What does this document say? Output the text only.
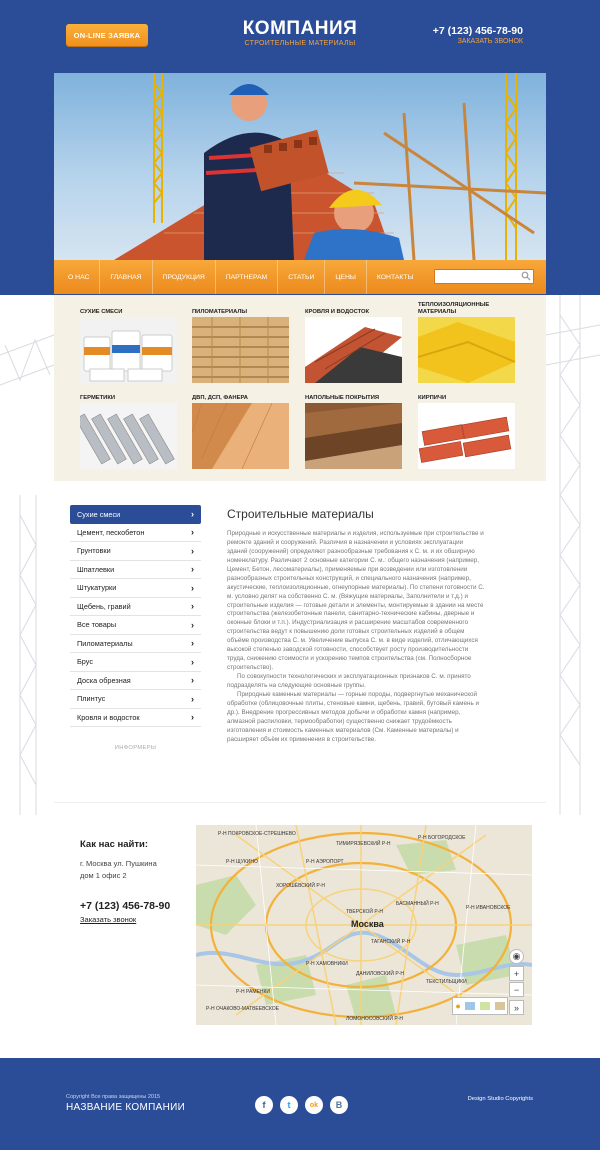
ON-LINE ЗАЯВКА	КОМПАНИЯ
СТРОИТЕЛЬНЫЕ МАТЕРИАЛЫ
+7 (123) 456-78-90
ЗАКАЗАТЬ ЗВОНОК
О НАС	ГЛАВНАЯ	ПРОДУКЦИЯ	ПАРТНЕРАМ	СТАТЬИ	ЦЕНЫ	КОНТАКТЫ
СУХИЕ СМЕСИ	ПИЛОМАТЕРИАЛЫ	КРОВЛЯ И ВОДОСТОК
ТЕПЛОИЗОЛЯЦИОННЫЕ МАТЕРИАЛЫ
ГЕРМЕТИКИ	ДВП, ДСП, ФАНЕРА	НАПОЛЬНЫЕ ПОКРЫТИЯ	КИРПИЧИ
Сухие смеси	›
Цемент, пескобетон	›
Грунтовки	›
Шпатлевки	›
Штукатурки	›
Щебень, гравий	›
Все товары	›
Пиломатериалы	›
Брус	›
Доска обрезная	›
Плинтус	›
Кровля и водосток	›
ИНФОРМЕРЫ
Строительные материалы

Природные и искусственные материалы и изделия, используемые при строительстве и ремонте зданий и сооружений. Различия в назначении и условиях эксплуатации зданий (сооружений) определяют разнообразные требования к С. м. и их обширную номенклатуру. Различают 2 основные категории С. м.: общего назначения (например, Цемент, Бетон, лесоматериалы), применяемые при возведении или изготовлении разнообразных строительных конструкций, и специального назначения (например, акустические, теплоизоляционные, огнеупорные материалы). По степени готовности С. м. условно делят на собственно С. м. (Вяжущие материалы, Заполнители и т.д.) и строительные изделия — готовые детали и элементы, монтируемые в здании на месте строительства (железобетонные панели, санитарно-технические кабины, дверные и оконные блоки и т.п.). Индустриализация и расширение масштабов современного строительства ведут к повышению доли готовых строительных изделий в общем объёме производства С. м. Увеличение выпуска С. м. в виде изделий, отличающихся высокой степенью заводской готовности, способствует росту производительности труда, снижению стоимости и ускорению темпов строительства (см. Полносборное строительство).

По совокупности технологических и эксплуатационных признаков С. м. принято подразделять на следующие основные группы.

Природные каменные материалы — горные породы, подвергнутые механической обработке (облицовочные плиты, стеновые камни, щебень, гравий, бутовый камень и др.). Внедрение прогрессивных методов добычи и обработки камня (например, алмазной распиловки, термообработки) существенно снижает трудоёмкость изготовления и стоимость каменных материалов (См. Каменные материалы) и расширяет объём их применения в строительстве.

Как нас найти:
г. Москва ул. Пушкина
дом 1 офис 2
+7 (123) 456-78-90
Заказать звонок
Р-Н ПОКРОВСКОЕ-СТРЕШНЕВО
Р-Н БОГОРОДСКОЕ
ТИМИРЯЗЕВСКИЙ Р-Н
Р-Н ЩУКИНО	Р-Н АЭРОПОРТ
ХОРОШЁВСКИЙ Р-Н
ТВЕРСКОЙ Р-Н
БАСМАННЫЙ Р-Н
Р-Н ИВАНОВСКОЕ
ТАГАНСКИЙ Р-Н
Р-Н ХАМОВНИКИ
Р-Н РАМЕНКИ
Р-Н ОЧАКОВО-МАТВЕЕВСКОЕ
ДАНИЛОВСКИЙ Р-Н
ТЕКСТИЛЬЩИКИ
ЛОМОНОСОВСКИЙ Р-Н
Москва
◉
+
−
●	»
Copyright Все права защищены 2015
НАЗВАНИЕ КОМПАНИИ	f	t	ok	B
Design Studio Copyrights
